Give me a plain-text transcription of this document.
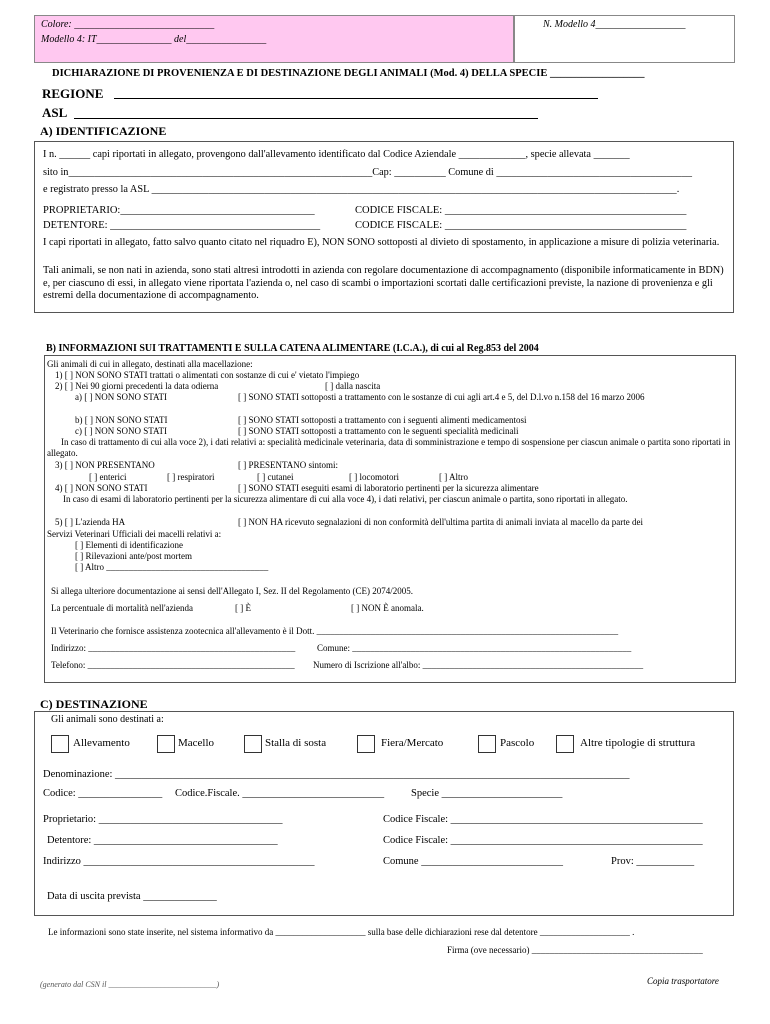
Colore: ____________________________
Modello 4: IT_______________ del________________
N. Modello 4__________________
DICHIARAZIONE DI PROVENIENZA E DI DESTINAZIONE DEGLI ANIMALI (Mod. 4) DELLA SPECIE __________________
REGIONE
ASL
A) IDENTIFICAZIONE
I n. ______ capi riportati in allegato, provengono dall'allevamento identificato dal Codice Aziendale _____________, specie allevata _______
sito in___________________________________________________________Cap: __________ Comune di ______________________________________
e registrato presso la ASL ______________________________________________________________________________________________________.
PROPRIETARIO:_____________________________________	CODICE FISCALE: ______________________________________________
DETENTORE: ________________________________________	CODICE FISCALE: ______________________________________________
I capi riportati in allegato, fatto salvo quanto citato nel riquadro E), NON SONO sottoposti al divieto di spostamento, in applicazione a misure di polizia veterinaria.
Tali animali, se non nati in azienda, sono stati altresì introdotti in azienda con regolare documentazione di accompagnamento (disponibile informaticamente in BDN) e, per ciascuno di essi, in allegato viene riportata l'azienda o, nel caso di scambi o importazioni scortati dalle certificazioni previste, la nazione di provenienza e gli estremi della documentazione di accompagnamento.
B) INFORMAZIONI SUI TRATTAMENTI E SULLA CATENA ALIMENTARE (I.C.A.), di cui al Reg.853 del 2004
Gli animali di cui in allegato, destinati alla macellazione:
1) [ ] NON SONO STATI trattati o alimentati con sostanze di cui e' vietato l'impiego
2) [ ] Nei 90 giorni precedenti la data odierna	[ ] dalla nascita
a) [ ] NON SONO STATI	[ ] SONO STATI sottoposti a trattamento con le sostanze di cui agli art.4 e 5, del D.l.vo n.158 del 16 marzo 2006
b) [ ] NON SONO STATI	[ ] SONO STATI sottoposti a trattamento con i seguenti alimenti medicamentosi
c) [ ] NON SONO STATI	[ ] SONO STATI sottoposti a trattamento con le seguenti specialità medicinali
In caso di trattamento di cui alla voce 2), i dati relativi a: specialità medicinale veterinaria, data di somministrazione e tempo di sospensione per ciascun animale o partita sono riportati in allegato.
3) [ ] NON PRESENTANO	[ ] PRESENTANO sintomi:
[ ] enterici	[ ] respiratori	[ ] cutanei	[ ] locomotori	[ ] Altro
4) [ ] NON SONO STATI	[ ] SONO STATI eseguiti esami di laboratorio pertinenti per la sicurezza alimentare
In caso di esami di laboratorio pertinenti per la sicurezza alimentare di cui alla voce 4), i dati relativi, per ciascun animale o partita, sono riportati in allegato.
5) [ ] L'azienda HA	[ ] NON HA ricevuto segnalazioni di non conformità dell'ultima partita di animali inviata al macello da parte dei
Servizi Veterinari Ufficiali dei macelli relativi a:
[ ] Elementi di identificazione
[ ] Rilevazioni ante/post mortem
[ ] Altro ____________________________________
Si allega ulteriore documentazione ai sensi dell'Allegato I, Sez. II del Regolamento (CE) 2074/2005.
La percentuale di mortalità nell'azienda	[ ] È	[ ] NON È anomala.
Il Veterinario che fornisce assistenza zootecnica all'allevamento è il Dott. ___________________________________________________________________
Indirizzo: ______________________________________________ Comune: ______________________________________________________________
Telefono: ______________________________________________ Numero di Iscrizione all'albo: _________________________________________________
C) DESTINAZIONE
Gli animali sono destinati a:
Allevamento	Macello	Stalla di sosta	Fiera/Mercato	Pascolo	Altre tipologie di struttura
Denominazione: __________________________________________________________________________________________________
Codice: ________________ Codice.Fiscale. ___________________________	Specie _______________________
Proprietario: ___________________________________	Codice Fiscale: ________________________________________________
Detentore: ___________________________________	Codice Fiscale: ________________________________________________
Indirizzo ____________________________________________	Comune ___________________________	Prov: ___________
Data di uscita prevista ______________
Le informazioni sono state inserite, nel sistema informativo da ____________________ sulla base delle dichiarazioni rese dal detentore ____________________ .
Firma (ove necessario) ______________________________________
(generato dal CSN il ___________________________)	Copia trasportatore
